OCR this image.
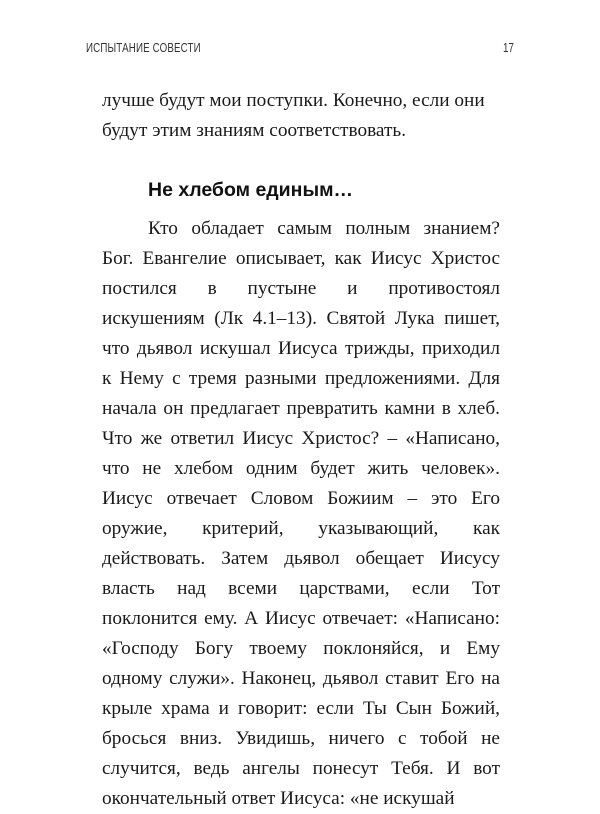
ИСПЫТАНИЕ СОВЕСТИ	17

лучше будут мои поступки. Конечно, если они будут этим знаниям соответствовать.

Не хлебом единым…

Кто обладает самым полным знанием? Бог. Евангелие описывает, как Иисус Христос постился в пустыне и противостоял искушениям (Лк 4.1–13). Святой Лука пишет, что дьявол искушал Иисуса трижды, приходил к Нему с тремя разными предложениями. Для начала он предлагает превратить камни в хлеб. Что же ответил Иисус Христос? – «Написано, что не хлебом одним будет жить человек». Иисус отвечает Словом Божиим – это Его оружие, критерий, указывающий, как действовать. Затем дьявол обещает Иисусу власть над всеми царствами, если Тот поклонится ему. А Иисус отвечает: «Написано: «Господу Богу твоему поклоняйся, и Ему одному служи». Наконец, дьявол ставит Его на крыле храма и говорит: если Ты Сын Божий, бросься вниз. Увидишь, ничего с тобой не случится, ведь ангелы понесут Тебя. И вот окончательный ответ Иисуса: «не искушай
